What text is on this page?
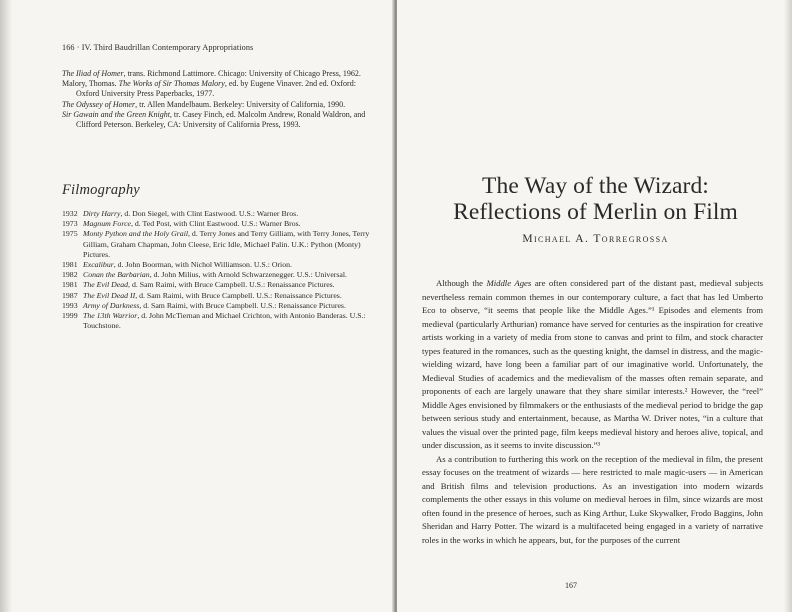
166 · IV. Third Baudrillan Contemporary Appropriations

The Iliad of Homer, trans. Richmond Lattimore. Chicago: University of Chicago Press, 1962.

Malory, Thomas. The Works of Sir Thomas Malory, ed. by Eugene Vinaver. 2nd ed. Oxford: Oxford University Press Paperbacks, 1977.

The Odyssey of Homer, tr. Allen Mandelbaum. Berkeley: University of California, 1990.

Sir Gawain and the Green Knight, tr. Casey Finch, ed. Malcolm Andrew, Ronald Waldron, and Clifford Peterson. Berkeley, CA: University of California Press, 1993.

Filmography
1932 Dirty Harry, d. Don Siegel, with Clint Eastwood. U.S.: Warner Bros.
1973 Magnum Force, d. Ted Post, with Clint Eastwood. U.S.: Warner Bros.
1975 Monty Python and the Holy Grail, d. Terry Jones and Terry Gilliam, with Terry Jones, Terry Gilliam, Graham Chapman, John Cleese, Eric Idle, Michael Palin. U.K.: Python (Monty) Pictures.
1981 Excalibur, d. John Boorman, with Nichol Williamson. U.S.: Orion.
1982 Conan the Barbarian, d. John Milius, with Arnold Schwarzenegger. U.S.: Universal.
1981 The Evil Dead, d. Sam Raimi, with Bruce Campbell. U.S.: Renaissance Pictures.
1987 The Evil Dead II, d. Sam Raimi, with Bruce Campbell. U.S.: Renaissance Pictures.
1993 Army of Darkness, d. Sam Raimi, with Bruce Campbell. U.S.: Renaissance Pictures.
1999 The 13th Warrior, d. John McTiernan and Michael Crichton, with Antonio Banderas. U.S.: Touchstone.
The Way of the Wizard:
Reflections of Merlin on Film
Michael A. Torregrossa

Although the Middle Ages are often considered part of the distant past, medieval subjects nevertheless remain common themes in our contemporary culture, a fact that has led Umberto Eco to observe, “it seems that people like the Middle Ages.”¹ Episodes and elements from medieval (particularly Arthurian) romance have served for centuries as the inspiration for creative artists working in a variety of media from stone to canvas and print to film, and stock character types featured in the romances, such as the questing knight, the damsel in distress, and the magic-wielding wizard, have long been a familiar part of our imaginative world. Unfortunately, the Medieval Studies of academics and the medievalism of the masses often remain separate, and proponents of each are largely unaware that they share similar interests.² However, the “reel” Middle Ages envisioned by filmmakers or the enthusiasts of the medieval period to bridge the gap between serious study and entertainment, because, as Martha W. Driver notes, “in a culture that values the visual over the printed page, film keeps medieval history and heroes alive, topical, and under discussion, as it seems to invite discussion.”³

As a contribution to furthering this work on the reception of the medieval in film, the present essay focuses on the treatment of wizards — here restricted to male magic-users — in American and British films and television productions. As an investigation into modern wizards complements the other essays in this volume on medieval heroes in film, since wizards are most often found in the presence of heroes, such as King Arthur, Luke Skywalker, Frodo Baggins, John Sheridan and Harry Potter. The wizard is a multifaceted being engaged in a variety of narrative roles in the works in which he appears, but, for the purposes of the current

167
